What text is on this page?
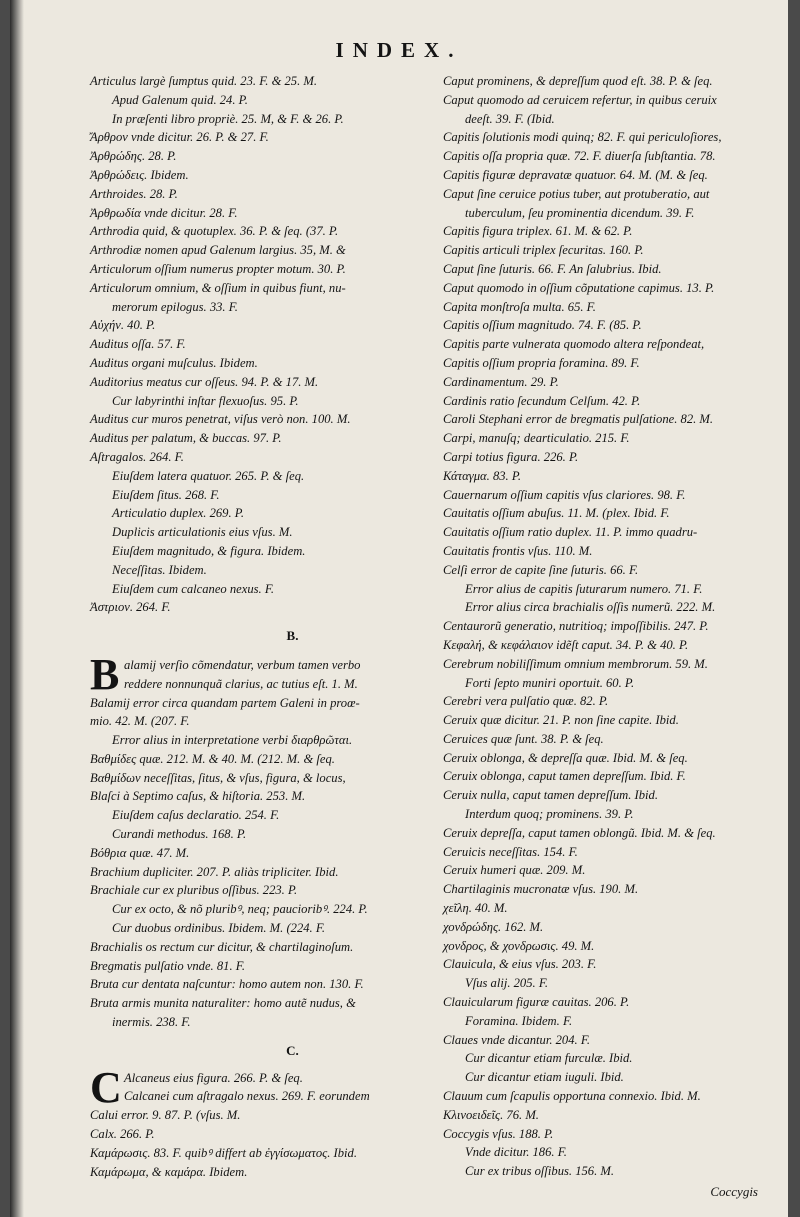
INDEX.
Articulus largè ſumptus quid. 23. F. & 25. M.
Apud Galenum quid. 24. P.
In præſenti libro propriè. 25. M, & F. & 26. P.
Ἄρθρον vnde dicitur. 26. P. & 27. F.
Ἀρθρώδης. 28. P.
Ἀρθρώδεις. Ibidem.
Arthroides. 28. P.
Ἀρθρωδία vnde dicitur. 28. F.
Arthrodia quid, & quotuplex. 36. P. & ſeq. (37. P.
Arthrodiæ nomen apud Galenum largius. 35, M. &
Articulorum oſſium numerus propter motum. 30. P.
Articulorum omnium, & oſſium in quibus fiunt, nu-
merorum epilogus. 33. F.
Αὐχήν. 40. P.
Auditus oſſa. 57. F.
Auditus organi muſculus. Ibidem.
Auditorius meatus cur oſſeus. 94. P. & 17. M.
Cur labyrinthi inſtar flexuoſus. 95. P.
Auditus cur muros penetrat, viſus verò non. 100. M.
Auditus per palatum, & buccas. 97. P.
Aſtragalos. 264. F.
Eiuſdem latera quatuor. 265. P. & ſeq.
Eiuſdem ſitus. 268. F.
Articulatio duplex. 269. P.
Duplicis articulationis eius vſus. M.
Eiuſdem magnitudo, & figura. Ibidem.
Neceſſitas. Ibidem.
Eiuſdem cum calcaneo nexus. F.
Ἀστριον. 264. F.
B.
B alamij verſio cõmendatur, verbum tamen verbo
reddere nonnunquã clarius, ac tutius eſt. 1. M.
Balamij error circa quandam partem Galeni in proœ-
mio. 42. M. (207. F.
Error alius in interpretatione verbi διαρθρῶται.
Βαθμίδες quæ. 212. M. & 40. M. (212. M. & ſeq.
Βαθμίδων neceſſitas, ſitus, & vſus, figura, & locus,
Blaſci à Septimo caſus, & hiſtoria. 253. M.
Eiuſdem caſus declaratio. 254. F.
Curandi methodus. 168. P.
Βόθρια quæ. 47. M.
Brachium dupliciter. 207. P. aliàs tripliciter. Ibid.
Brachiale cur ex pluribus oſſibus. 223. P.
Cur ex octo, & nõ pluribꝰ, neq; paucioribꝰ. 224. P.
Cur duobus ordinibus. Ibidem. M. (224. F.
Brachialis os rectum cur dicitur, & chartilaginoſum.
Bregmatis pulſatio vnde. 81. F.
Bruta cur dentata naſcuntur: homo autem non. 130. F.
Bruta armis munita naturaliter: homo autẽ nudus, &
inermis. 238. F.
C.
C Alcaneus eius figura. 266. P. & ſeq.
Calcanei cum aſtragalo nexus. 269. F. eorundem
Calui error. 9. 87. P. (vſus. M.
Calx. 266. P.
Καμάρωσις. 83. F. quibꝰ differt ab ἐγγίσωματος. Ibid.
Καμάρωμα, & καμάρα. Ibidem.
Caput prominens, & depreſſum quod eſt. 38. P. & ſeq.
Caput quomodo ad ceruicem refertur, in quibus ceruix
deeſt. 39. F. (Ibid.
Capitis ſolutionis modi quinq; 82. F. qui periculoſiores,
Capitis oſſa propria quæ. 72. F. diuerſa ſubſtantia. 78.
Capitis figuræ depravatæ quatuor. 64. M. (M. & ſeq.
Caput ſine ceruice potius tuber, aut protuberatio, aut
tuberculum, ſeu prominentia dicendum. 39. F.
Capitis figura triplex. 61. M. & 62. P.
Capitis articuli triplex ſecuritas. 160. P.
Caput ſine ſuturis. 66. F. An ſalubrius. Ibid.
Caput quomodo in oſſium cõputatione capimus. 13. P.
Capita monſtroſa multa. 65. F.
Capitis oſſium magnitudo. 74. F. (85. P.
Capitis parte vulnerata quomodo altera reſpondeat,
Capitis oſſium propria foramina. 89. F.
Cardinamentum. 29. P.
Cardinis ratio ſecundum Celſum. 42. P.
Caroli Stephani error de bregmatis pulſatione. 82. M.
Carpi, manuſq; dearticulatio. 215. F.
Carpi totius figura. 226. P.
Κάταγμα. 83. P.
Cauernarum oſſium capitis vſus clariores. 98. F.
Cauitatis oſſium abuſus. 11. M. (plex. Ibid. F.
Cauitatis oſſium ratio duplex. 11. P. immo quadru-
Cauitatis frontis vſus. 110. M.
Celſi error de capite ſine ſuturis. 66. F.
Error alius de capitis ſuturarum numero. 71. F.
Error alius circa brachialis oſſis numerũ. 222. M.
Centaurorũ generatio, nutritioq; impoſſibilis. 247. P.
Κεφαλή, & κεφάλαιον idẽſt caput. 34. P. & 40. P.
Cerebrum nobiliſſimum omnium membrorum. 59. M.
Forti ſepto muniri oportuit. 60. P.
Cerebri vera pulſatio quæ. 82. P.
Ceruix quæ dicitur. 21. P. non ſine capite. Ibid.
Ceruices quæ ſunt. 38. P. & ſeq.
Ceruix oblonga, & depreſſa quæ. Ibid. M. & ſeq.
Ceruix oblonga, caput tamen depreſſum. Ibid. F.
Ceruix nulla, caput tamen depreſſum. Ibid.
Interdum quoq; prominens. 39. P.
Ceruix depreſſa, caput tamen oblongũ. Ibid. M. & ſeq.
Ceruicis neceſſitas. 154. F.
Ceruix humeri quæ. 209. M.
Chartilaginis mucronatæ vſus. 190. M.
χεῖλη. 40. M.
χονδρώδης. 162. M.
χονδρος, & χονδρωσις. 49. M.
Clauicula, & eius vſus. 203. F.
Vſus alij. 205. F.
Clauicularum figuræ cauitas. 206. P.
Foramina. Ibidem. F.
Claues vnde dicantur. 204. F.
Cur dicantur etiam furculæ. Ibid.
Cur dicantur etiam iuguli. Ibid.
Clauum cum ſcapulis opportuna connexio. Ibid. M.
Κλινοειδεῖς. 76. M.
Coccygis vſus. 188. P.
Vnde dicitur. 186. F.
Cur ex tribus oſſibus. 156. M.
Coccygis
